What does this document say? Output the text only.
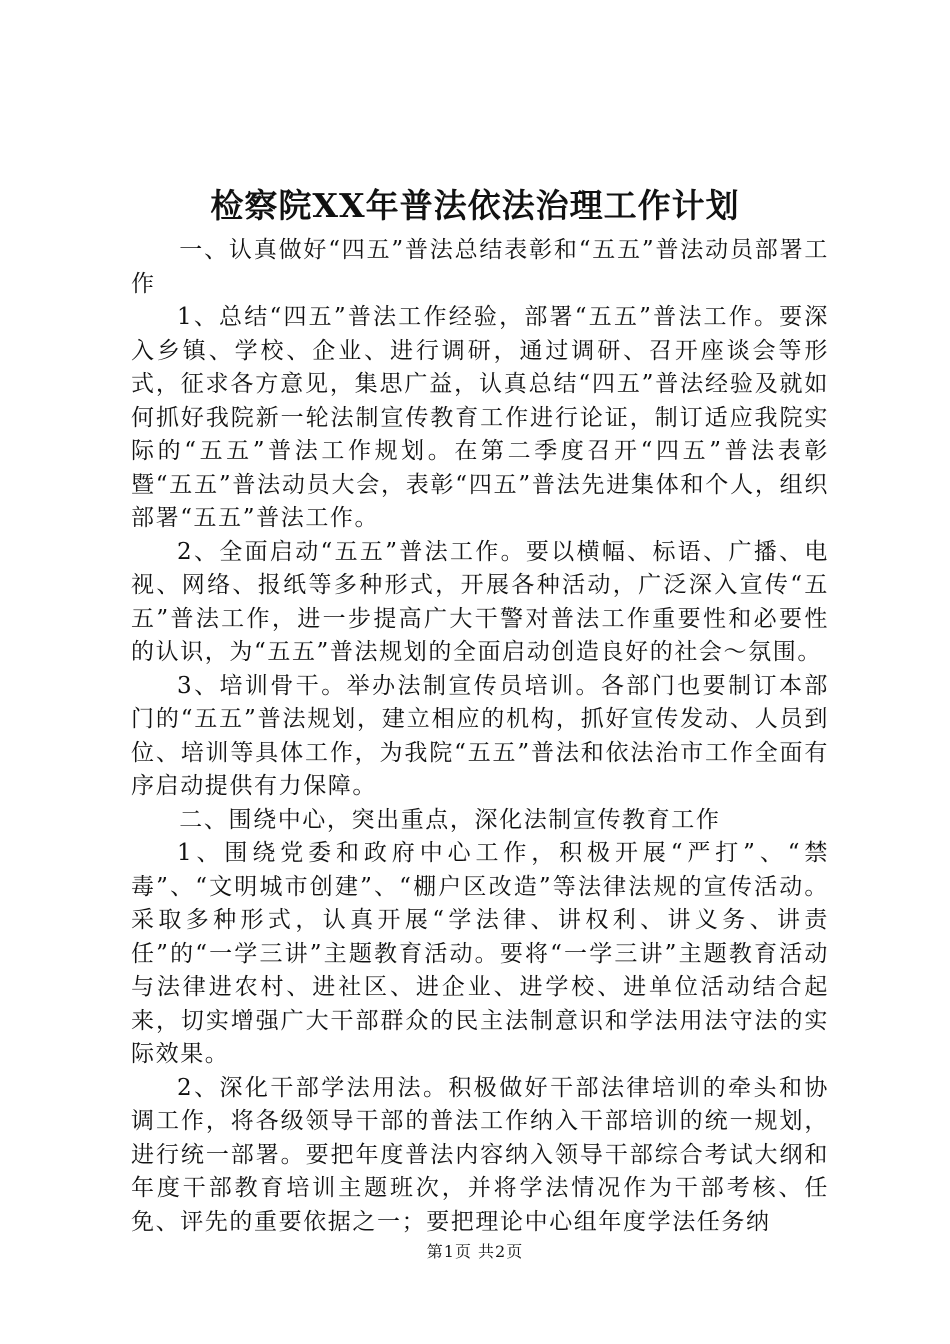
检察院XX年普法依法治理工作计划

一、认真做好“四五”普法总结表彰和“五五”普法动员部署工作

1、总结“四五”普法工作经验，部署“五五”普法工作。要深入乡镇、学校、企业、进行调研，通过调研、召开座谈会等形式，征求各方意见，集思广益，认真总结“四五”普法经验及就如何抓好我院新一轮法制宣传教育工作进行论证，制订适应我院实际的“五五”普法工作规划。在第二季度召开“四五”普法表彰暨“五五”普法动员大会，表彰“四五”普法先进集体和个人，组织部署“五五”普法工作。

2、全面启动“五五”普法工作。要以横幅、标语、广播、电视、网络、报纸等多种形式，开展各种活动，广泛深入宣传“五五”普法工作，进一步提高广大干警对普法工作重要性和必要性的认识，为“五五”普法规划的全面启动创造良好的社会～氛围。

3、培训骨干。举办法制宣传员培训。各部门也要制订本部门的“五五”普法规划，建立相应的机构，抓好宣传发动、人员到位、培训等具体工作，为我院“五五”普法和依法治市工作全面有序启动提供有力保障。

二、围绕中心，突出重点，深化法制宣传教育工作

1、围绕党委和政府中心工作，积极开展“严打”、“禁毒”、“文明城市创建”、“棚户区改造”等法律法规的宣传活动。采取多种形式，认真开展“学法律、讲权利、讲义务、讲责任”的“一学三讲”主题教育活动。要将“一学三讲”主题教育活动与法律进农村、进社区、进企业、进学校、进单位活动结合起来，切实增强广大干部群众的民主法制意识和学法用法守法的实际效果。

2、深化干部学法用法。积极做好干部法律培训的牵头和协调工作，将各级领导干部的普法工作纳入干部培训的统一规划，进行统一部署。要把年度普法内容纳入领导干部综合考试大纲和年度干部教育培训主题班次，并将学法情况作为干部考核、任免、评先的重要依据之一；要把理论中心组年度学法任务纳

第1页 共2页
